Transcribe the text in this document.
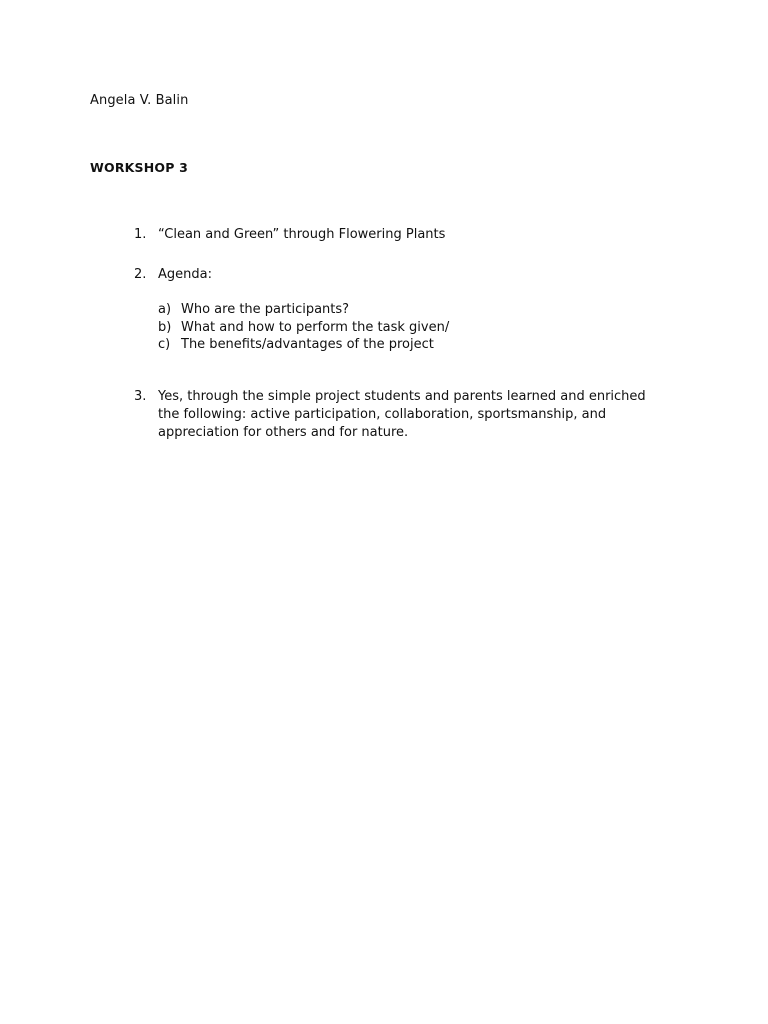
Angela V. Balin
WORKSHOP 3
1. “Clean and Green” through Flowering Plants
2. Agenda:
a) Who are the participants?
b) What and how to perform the task given/
c) The benefits/advantages of the project
3. Yes, through the simple project students and parents learned and enriched
the following: active participation, collaboration, sportsmanship, and
appreciation for others and for nature.
